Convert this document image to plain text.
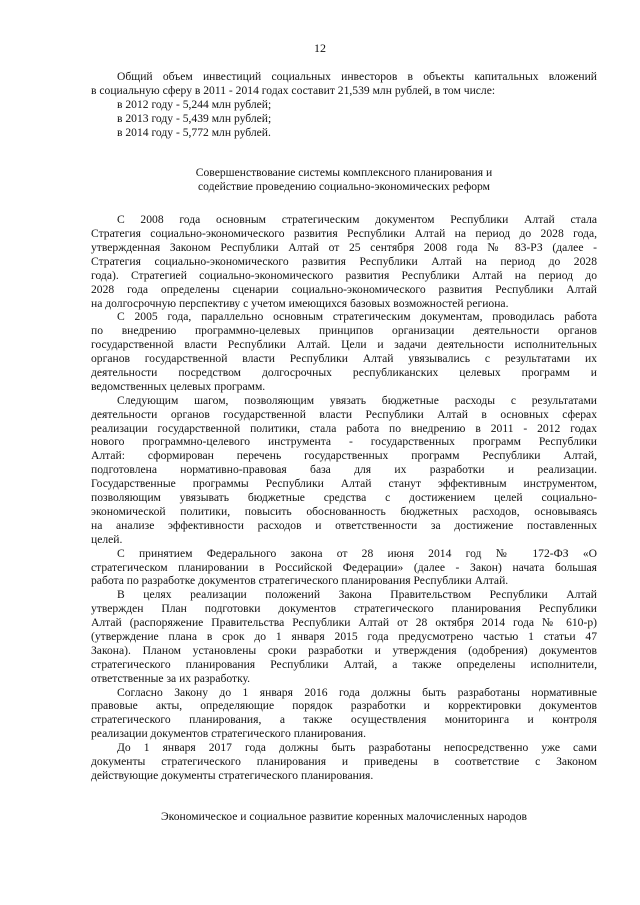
12
Общий объем инвестиций социальных инвесторов в объекты капитальных вложений
в социальную сферу в 2011 - 2014 годах составит 21,539 млн рублей, в том числе:
в 2012 году - 5,244 млн рублей;
в 2013 году - 5,439 млн рублей;
в 2014 году - 5,772 млн рублей.
Совершенствование системы комплексного планирования и
содействие проведению социально-экономических реформ
С 2008 года основным стратегическим документом Республики Алтай стала
Стратегия социально-экономического развития Республики Алтай на период до 2028 года,
утвержденная Законом Республики Алтай от 25 сентября 2008 года № 83-РЗ (далее -
Стратегия социально-экономического развития Республики Алтай на период до 2028
года). Стратегией социально-экономического развития Республики Алтай на период до
2028 года определены сценарии социально-экономического развития Республики Алтай
на долгосрочную перспективу с учетом имеющихся базовых возможностей региона.
С 2005 года, параллельно основным стратегическим документам, проводилась работа
по внедрению программно-целевых принципов организации деятельности органов
государственной власти Республики Алтай. Цели и задачи деятельности исполнительных
органов государственной власти Республики Алтай увязывались с результатами их
деятельности посредством долгосрочных республиканских целевых программ и
ведомственных целевых программ.
Следующим шагом, позволяющим увязать бюджетные расходы с результатами
деятельности органов государственной власти Республики Алтай в основных сферах
реализации государственной политики, стала работа по внедрению в 2011 - 2012 годах
нового программно-целевого инструмента - государственных программ Республики
Алтай: сформирован перечень государственных программ Республики Алтай,
подготовлена нормативно-правовая база для их разработки и реализации.
Государственные программы Республики Алтай станут эффективным инструментом,
позволяющим увязывать бюджетные средства с достижением целей социально-
экономической политики, повысить обоснованность бюджетных расходов, основываясь
на анализе эффективности расходов и ответственности за достижение поставленных
целей.
С принятием Федерального закона от 28 июня 2014 год № 172-ФЗ «О
стратегическом планировании в Российской Федерации» (далее - Закон) начата большая
работа по разработке документов стратегического планирования Республики Алтай.
В целях реализации положений Закона Правительством Республики Алтай
утвержден План подготовки документов стратегического планирования Республики
Алтай (распоряжение Правительства Республики Алтай от 28 октября 2014 года № 610-р)
(утверждение плана в срок до 1 января 2015 года предусмотрено частью 1 статьи 47
Закона). Планом установлены сроки разработки и утверждения (одобрения) документов
стратегического планирования Республики Алтай, а также определены исполнители,
ответственные за их разработку.
Согласно Закону до 1 января 2016 года должны быть разработаны нормативные
правовые акты, определяющие порядок разработки и корректировки документов
стратегического планирования, а также осуществления мониторинга и контроля
реализации документов стратегического планирования.
До 1 января 2017 года должны быть разработаны непосредственно уже сами
документы стратегического планирования и приведены в соответствие с Законом
действующие документы стратегического планирования.
Экономическое и социальное развитие коренных малочисленных народов
